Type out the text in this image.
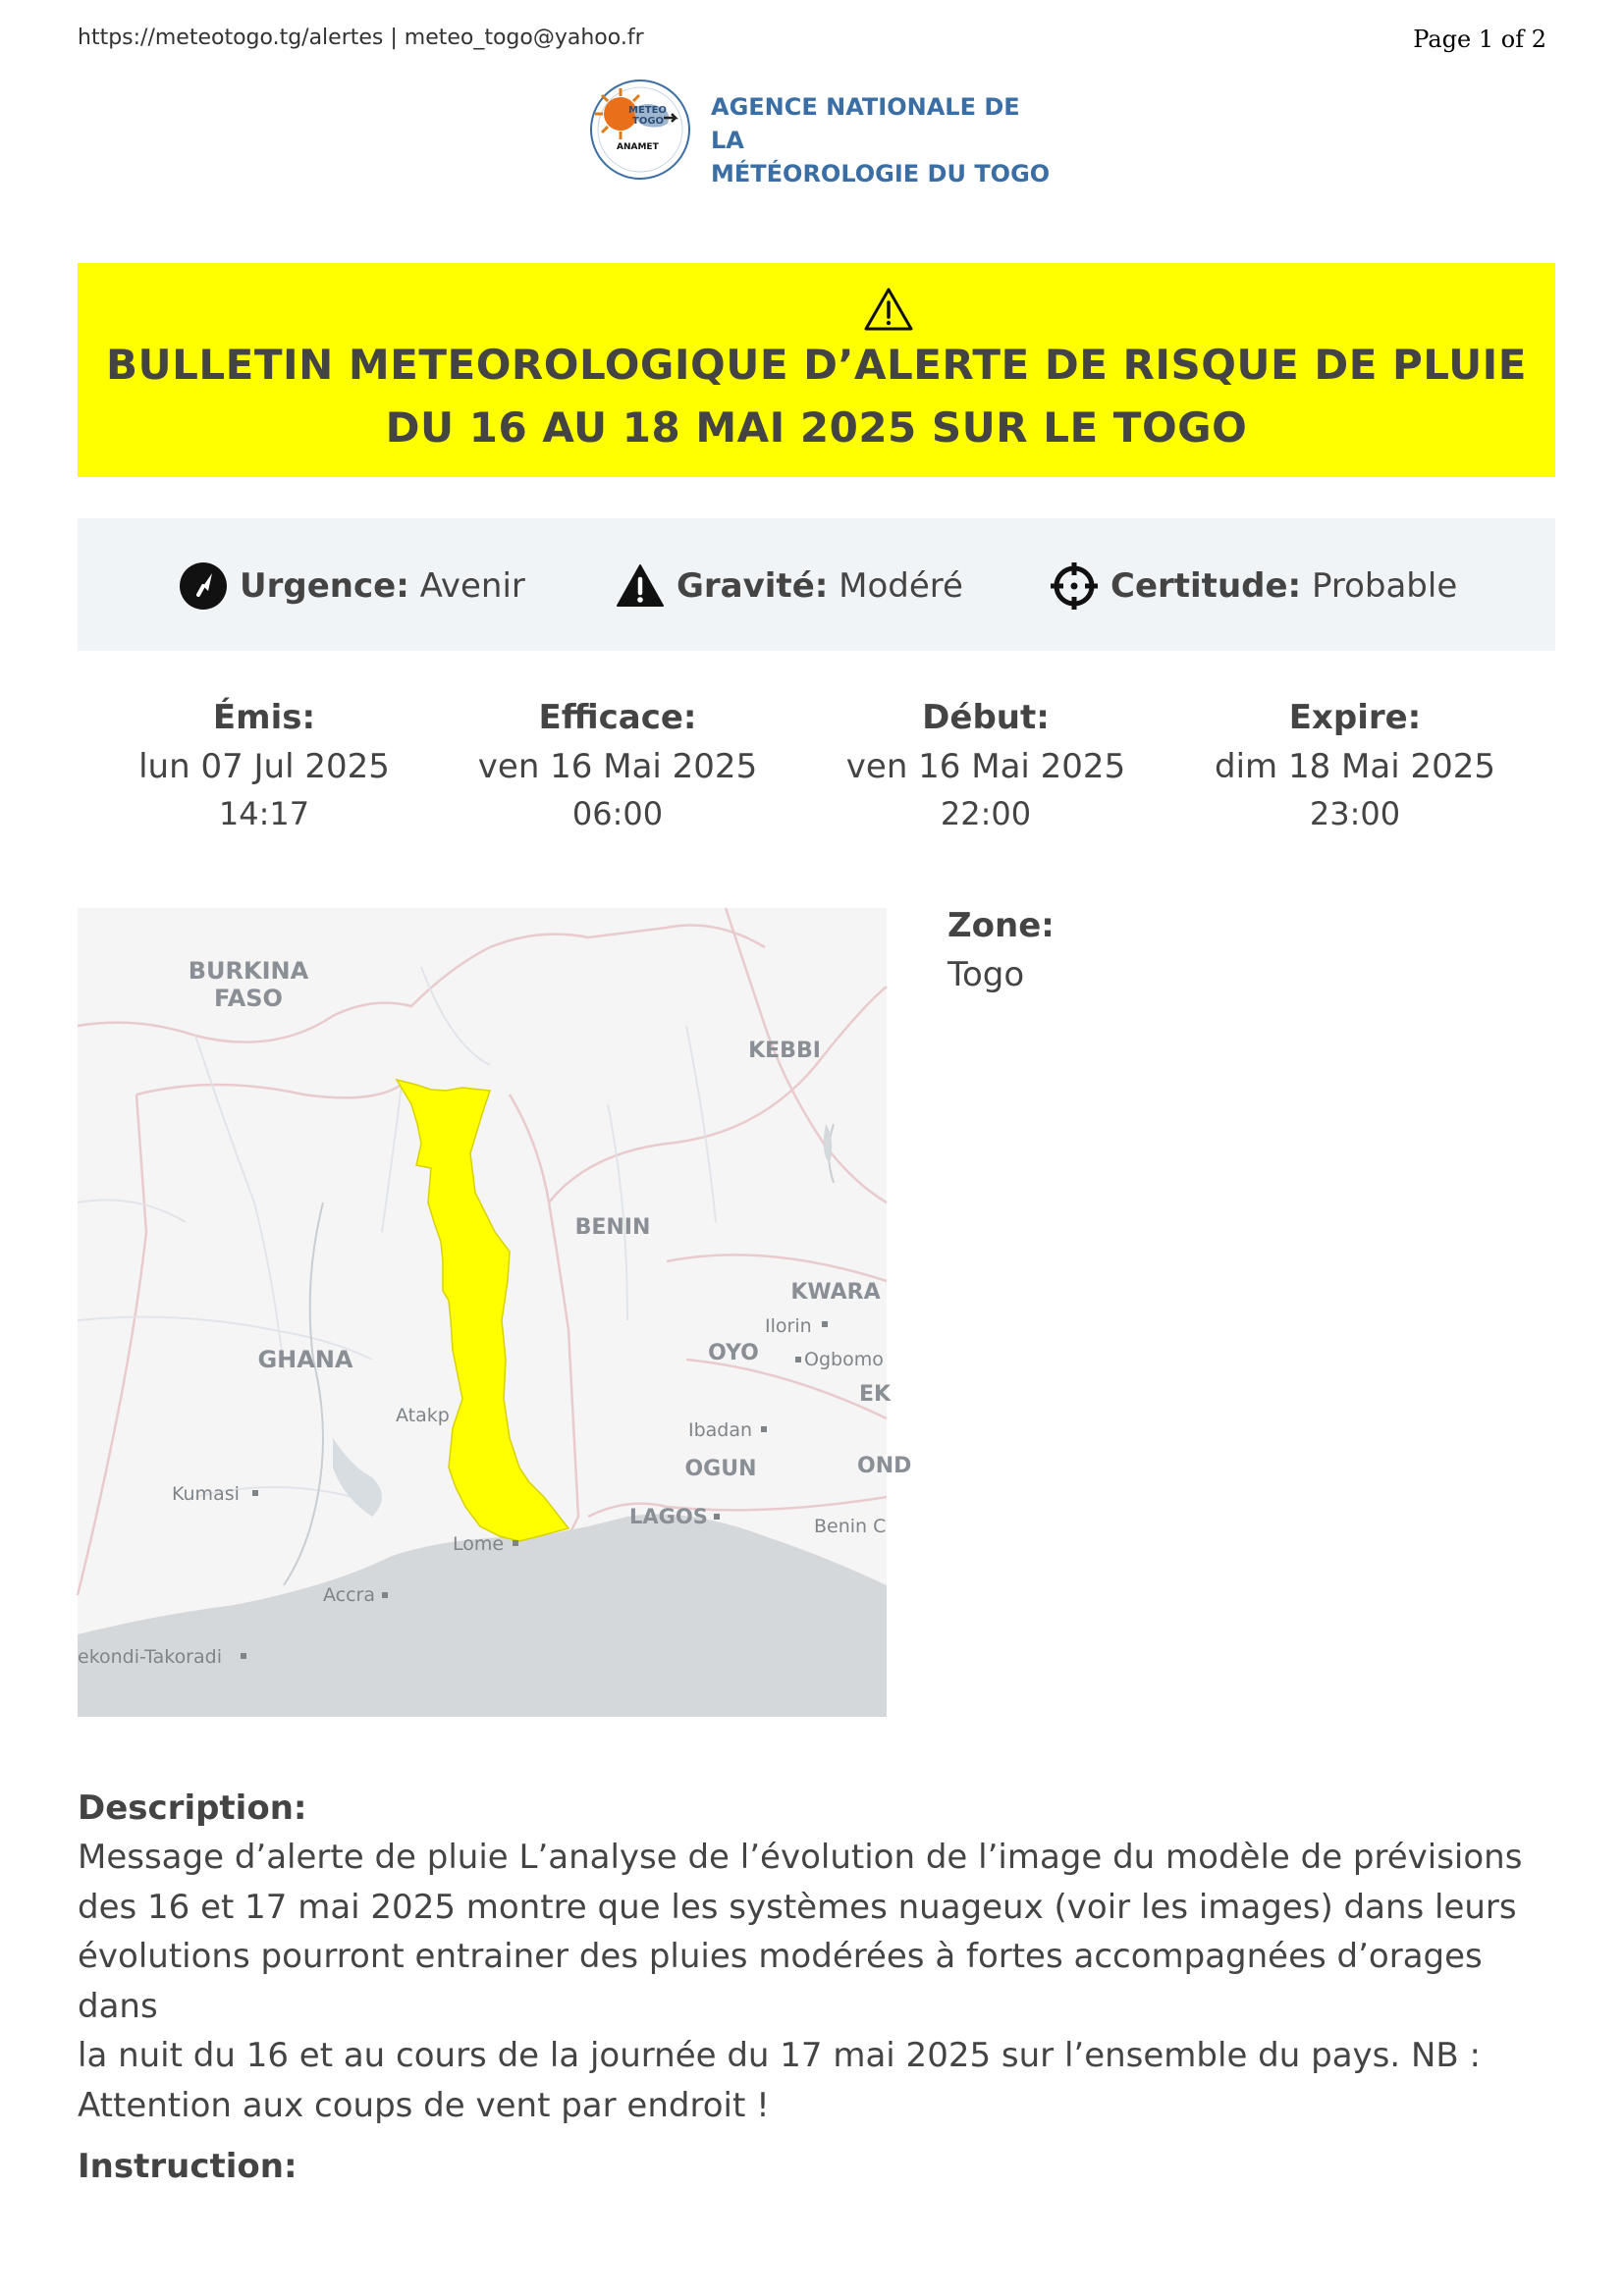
https://meteotogo.tg/alertes | meteo_togo@yahoo.fr	Page 1 of 2
METEO
TOGO
ANAMET
AGENCE NATIONALE DE LA
MÉTÉOROLOGIE DU TOGO
BULLETIN METEOROLOGIQUE D’ALERTE DE RISQUE DE PLUIE
DU 16 AU 18 MAI 2025 SUR LE TOGO
Urgence: Avenir	Gravité: Modéré	Certitude: Probable
Émis:
lun 07 Jul 2025
14:17
Efficace:
ven 16 Mai 2025
06:00
Début:
ven 16 Mai 2025
22:00
Expire:
dim 18 Mai 2025
23:00
BURKINA
FASO
KEBBI
BENIN
KWARA
GHANA	OYO
OGUN	OND
EK
Ilorin
Ogbomo
Atakp
Ibadan
Kumasi
LAGOS
Lome
Benin C
Accra
ekondi-Takoradi
Zone:
Togo
Description:
Message d’alerte de pluie L’analyse de l’évolution de l’image du modèle de prévisions
des 16 et 17 mai 2025 montre que les systèmes nuageux (voir les images) dans leurs
évolutions pourront entrainer des pluies modérées à fortes accompagnées d’orages dans
la nuit du 16 et au cours de la journée du 17 mai 2025 sur l’ensemble du pays. NB :
Attention aux coups de vent par endroit !
Instruction:
